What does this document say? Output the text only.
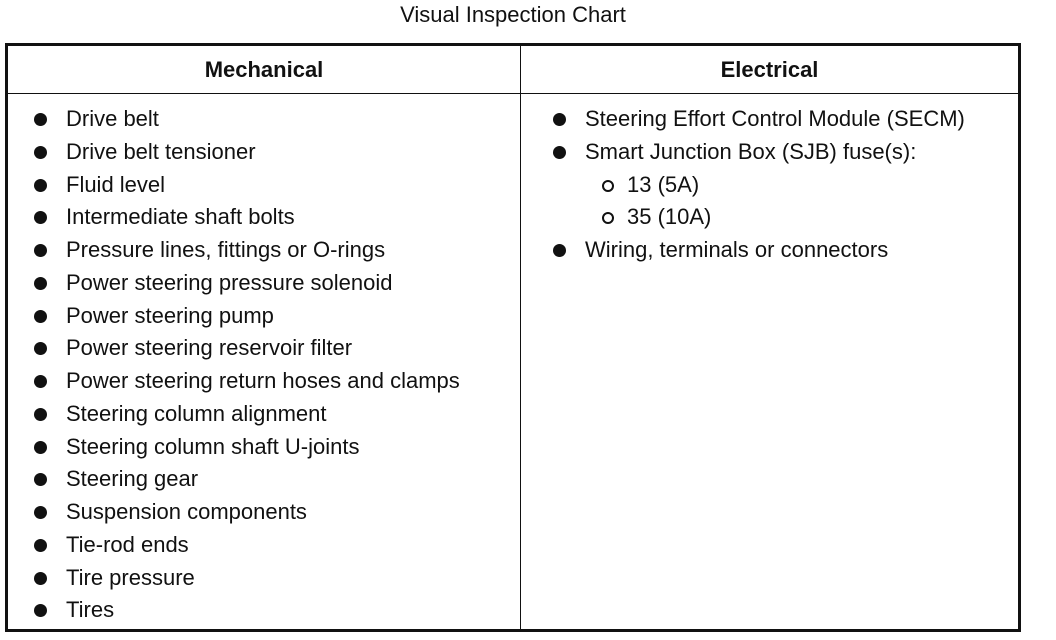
Visual Inspection Chart
Mechanical
Drive belt
Drive belt tensioner
Fluid level
Intermediate shaft bolts
Pressure lines, fittings or O-rings
Power steering pressure solenoid
Power steering pump
Power steering reservoir filter
Power steering return hoses and clamps
Steering column alignment
Steering column shaft U-joints
Steering gear
Suspension components
Tie-rod ends
Tire pressure
Tires
Electrical
Steering Effort Control Module (SECM)
Smart Junction Box (SJB) fuse(s):
13 (5A)
35 (10A)
Wiring, terminals or connectors
